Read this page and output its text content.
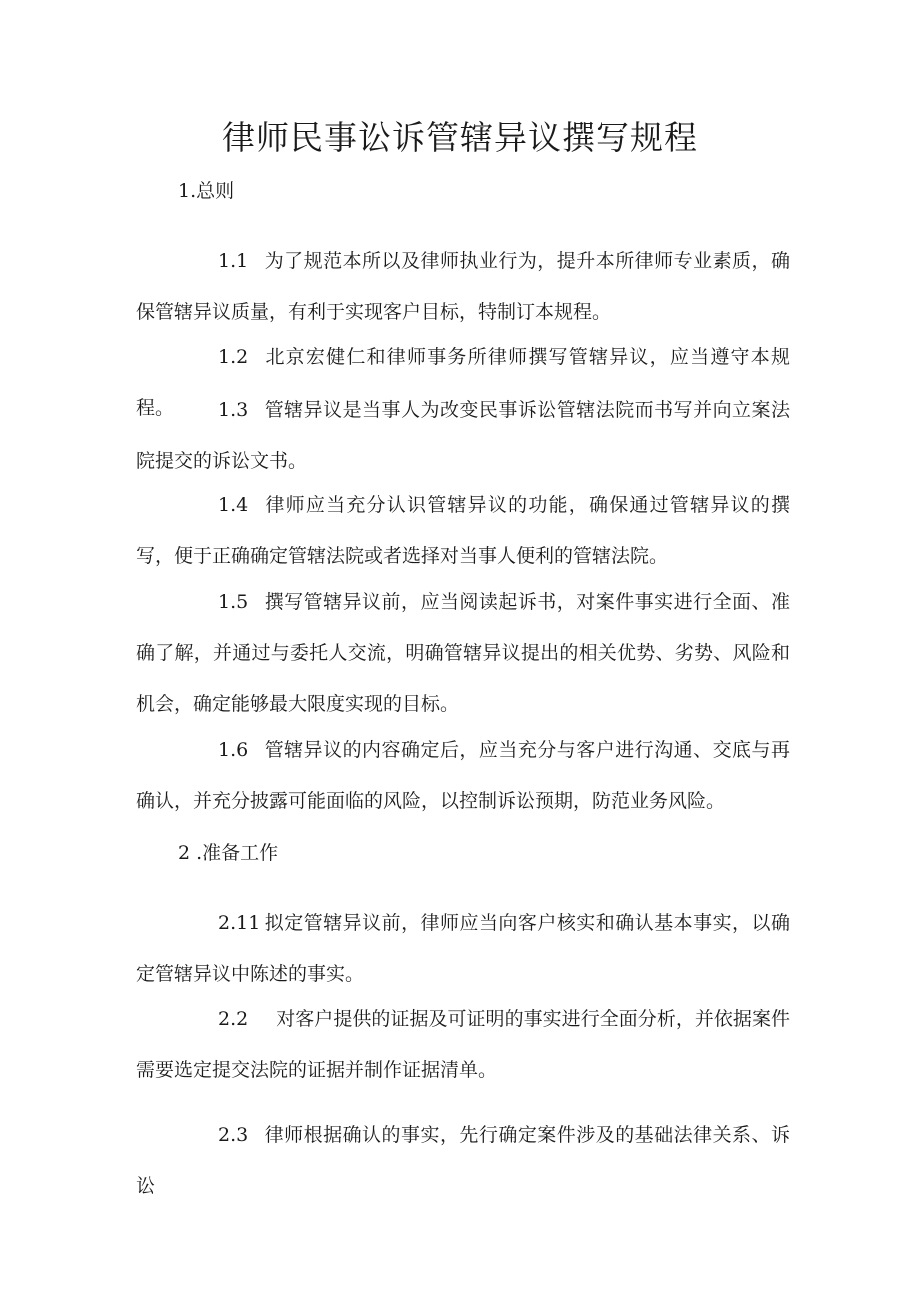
律师民事讼诉管辖异议撰写规程

1.总则

1.1 为了规范本所以及律师执业行为，提升本所律师专业素质，确保管辖异议质量，有利于实现客户目标，特制订本规程。

1.2 北京宏健仁和律师事务所律师撰写管辖异议，应当遵守本规程。	1.3 管辖异议是当事人为改变民事诉讼管辖法院而书写并向立案法院提交的诉讼文书。

1.4 律师应当充分认识管辖异议的功能，确保通过管辖异议的撰写，便于正确确定管辖法院或者选择对当事人便利的管辖法院。

1.5 撰写管辖异议前，应当阅读起诉书，对案件事实进行全面、准确了解，并通过与委托人交流，明确管辖异议提出的相关优势、劣势、风险和机会，确定能够最大限度实现的目标。

1.6 管辖异议的内容确定后，应当充分与客户进行沟通、交底与再确认，并充分披露可能面临的风险，以控制诉讼预期，防范业务风险。

2 .准备工作

2.11 拟定管辖异议前，律师应当向客户核实和确认基本事实，以确定管辖异议中陈述的事实。

2.2 对客户提供的证据及可证明的事实进行全面分析，并依据案件需要选定提交法院的证据并制作证据清单。

2.3 律师根据确认的事实，先行确定案件涉及的基础法律关系、诉讼
